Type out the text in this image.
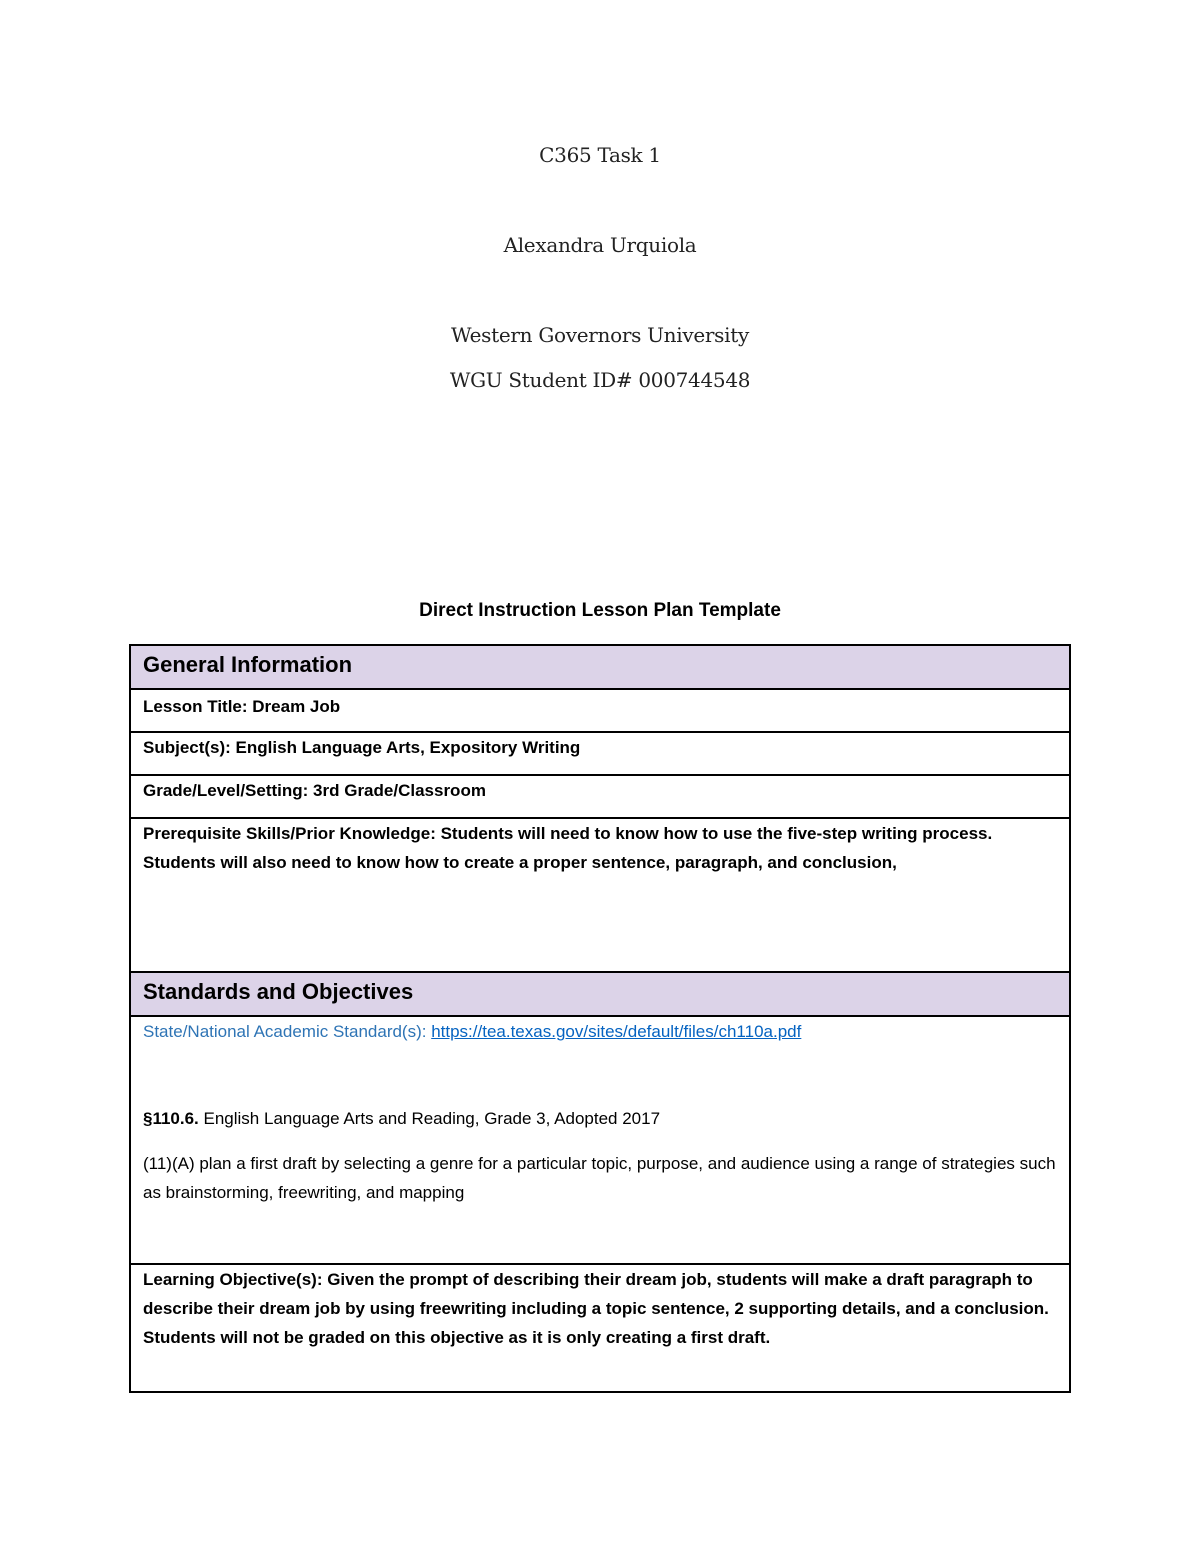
C365 Task 1
Alexandra Urquiola
Western Governors University
WGU Student ID# 000744548
Direct Instruction Lesson Plan Template
General Information
Lesson Title: Dream Job
Subject(s): English Language Arts, Expository Writing
Grade/Level/Setting: 3rd Grade/Classroom
Prerequisite Skills/Prior Knowledge: Students will need to know how to use the five-step writing process. Students will also need to know how to create a proper sentence, paragraph, and conclusion,
Standards and Objectives

State/National Academic Standard(s): https://tea.texas.gov/sites/default/files/ch110a.pdf
§110.6. English Language Arts and Reading, Grade 3, Adopted 2017
(11)(A) plan a first draft by selecting a genre for a particular topic, purpose, and audience using a range of strategies such as brainstorming, freewriting, and mapping

Learning Objective(s): Given the prompt of describing their dream job, students will make a draft paragraph to describe their dream job by using freewriting including a topic sentence, 2 supporting details, and a conclusion. Students will not be graded on this objective as it is only creating a first draft.
